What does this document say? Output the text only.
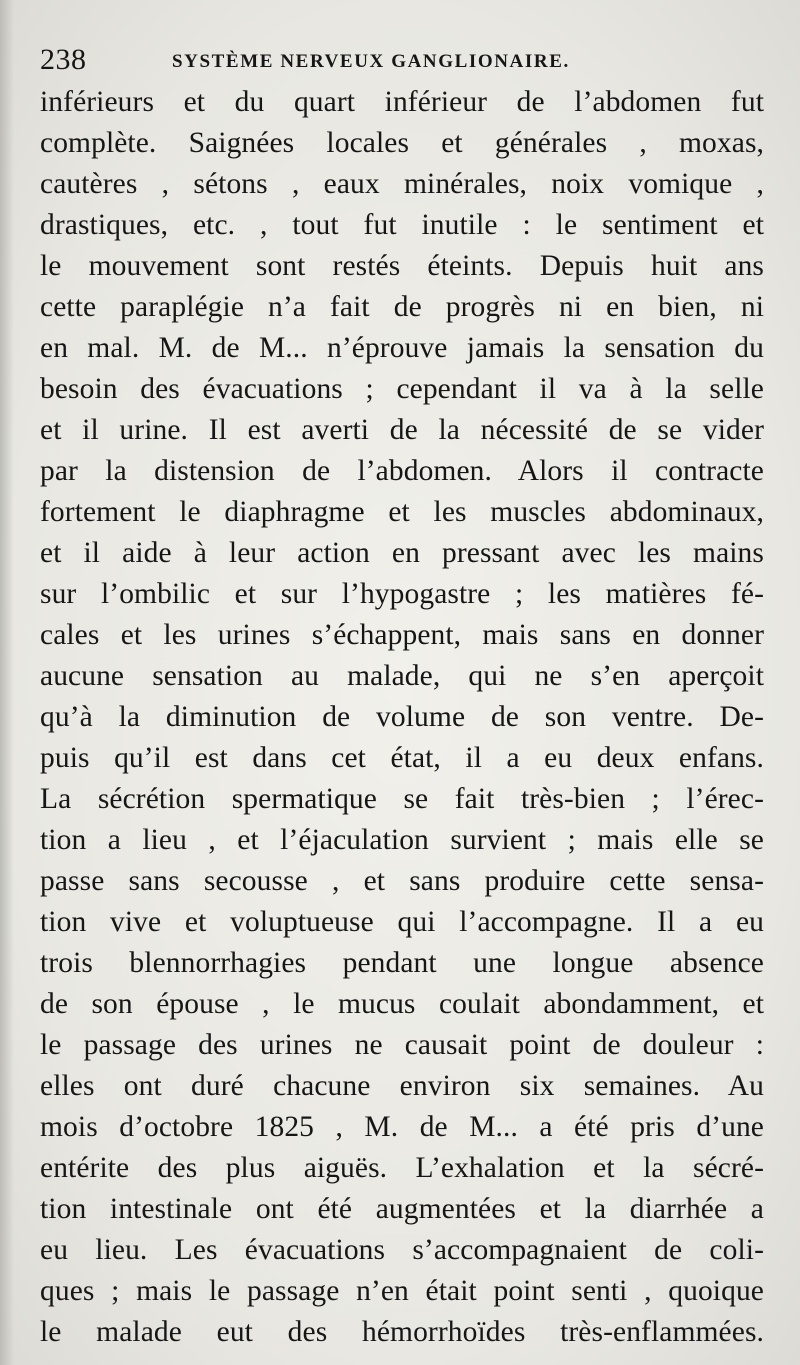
238	SYSTÈME NERVEUX GANGLIONAIRE.
inférieurs et du quart inférieur de l’abdomen fut
complète. Saignées locales et générales , moxas,
cautères , sétons , eaux minérales, noix vomique ,
drastiques, etc. , tout fut inutile : le sentiment et
le mouvement sont restés éteints. Depuis huit ans
cette paraplégie n’a fait de progrès ni en bien, ni
en mal. M. de M... n’éprouve jamais la sensation du
besoin des évacuations ; cependant il va à la selle
et il urine. Il est averti de la nécessité de se vider
par la distension de l’abdomen. Alors il contracte
fortement le diaphragme et les muscles abdominaux,
et il aide à leur action en pressant avec les mains
sur l’ombilic et sur l’hypogastre ; les matières fé-
cales et les urines s’échappent, mais sans en donner
aucune sensation au malade, qui ne s’en aperçoit
qu’à la diminution de volume de son ventre. De-
puis qu’il est dans cet état, il a eu deux enfans.
La sécrétion spermatique se fait très-bien ; l’érec-
tion a lieu , et l’éjaculation survient ; mais elle se
passe sans secousse , et sans produire cette sensa-
tion vive et voluptueuse qui l’accompagne. Il a eu
trois blennorrhagies pendant une longue absence
de son épouse , le mucus coulait abondamment, et
le passage des urines ne causait point de douleur :
elles ont duré chacune environ six semaines. Au
mois d’octobre 1825 , M. de M... a été pris d’une
entérite des plus aiguës. L’exhalation et la sécré-
tion intestinale ont été augmentées et la diarrhée a
eu lieu. Les évacuations s’accompagnaient de coli-
ques ; mais le passage n’en était point senti , quoique
le malade eut des hémorrhoïdes très-enflammées.
